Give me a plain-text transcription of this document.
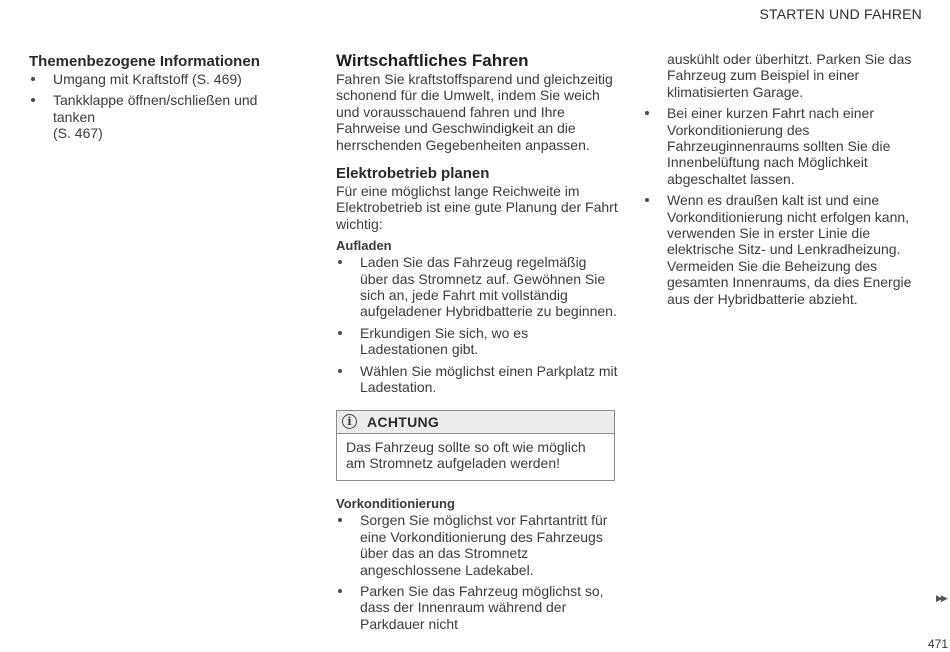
STARTEN UND FAHREN
Themenbezogene Informationen
Umgang mit Kraftstoff (S. 469)
Tankklappe öffnen/schließen und tanken
(S. 467)
Wirtschaftliches Fahren

Fahren Sie kraftstoffsparend und gleichzeitig schonend für die Umwelt, indem Sie weich und vorausschauend fahren und Ihre Fahrweise und Geschwindigkeit an die herrschenden Gegebenheiten anpassen.

Elektrobetrieb planen

Für eine möglichst lange Reichweite im Elektrobetrieb ist eine gute Planung der Fahrt wichtig:

Aufladen
Laden Sie das Fahrzeug regelmäßig über das Stromnetz auf. Gewöhnen Sie sich an, jede Fahrt mit vollständig aufgeladener Hybridbatterie zu beginnen.
Erkundigen Sie sich, wo es Ladestationen gibt.
Wählen Sie möglichst einen Parkplatz mit Ladestation.
i	ACHTUNG
Das Fahrzeug sollte so oft wie möglich am Stromnetz aufgeladen werden!
Vorkonditionierung
Sorgen Sie möglichst vor Fahrtantritt für eine Vorkonditionierung des Fahrzeugs über das an das Stromnetz angeschlossene Ladekabel.
Parken Sie das Fahrzeug möglichst so, dass der Innenraum während der Parkdauer nicht

auskühlt oder überhitzt. Parken Sie das Fahrzeug zum Beispiel in einer klimatisierten Garage.

Bei einer kurzen Fahrt nach einer Vorkonditionierung des Fahrzeuginnenraums sollten Sie die Innenbelüftung nach Möglichkeit abgeschaltet lassen.
Wenn es draußen kalt ist und eine Vorkonditionierung nicht erfolgen kann, verwenden Sie in erster Linie die elektrische Sitz- und Lenkradheizung. Vermeiden Sie die Beheizung des gesamten Innenraums, da dies Energie aus der Hybridbatterie abzieht.
▶▶
471
